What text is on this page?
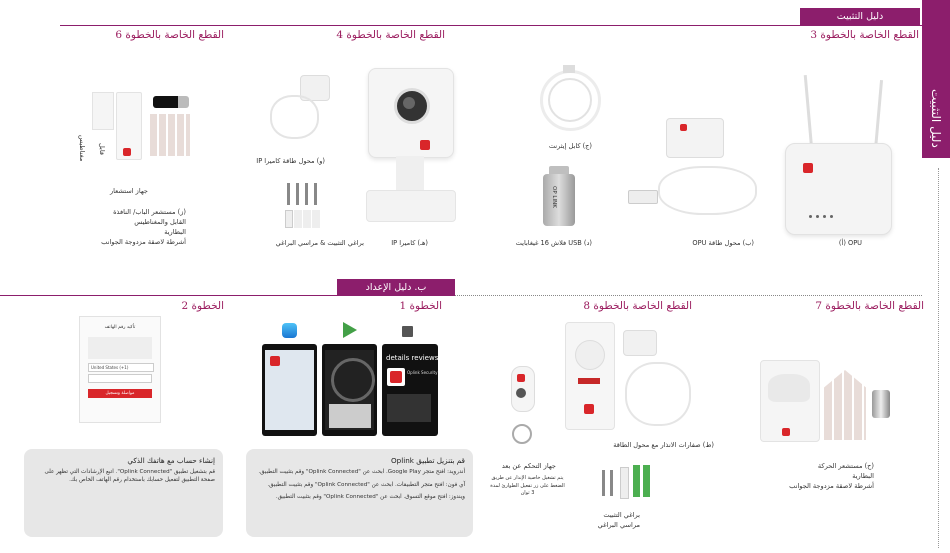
دليل التثبيت
دليل التثبيت
القطع الخاصة بالخطوة 3
القطع الخاصة بالخطوة 4
القطع الخاصة بالخطوة 6
OPU (أ)
(ب) محول طاقة OPU
(ج) كابل إيثرنت
OP LINK
(د) USB فلاش 16 غيغابايت
(هـ) كاميرا IP
(و) محول طاقة كاميرا IP
براغي التثبيت & مراسي البراغي
مغناطيس قابل
جهاز استشعار
(ز) مستشعر الباب/ النافذة
القابل والمغناطيس
البطارية
أشرطة لاصقة مزدوجة الجوانب
ب. دليل الإعداد
القطع الخاصة بالخطوة 7
القطع الخاصة بالخطوة 8
الخطوة 1
الخطوة 2
(ح) مستشعر الحركة
البطارية
أشرطة لاصقة مزدوجة الجوانب
(ط) صفارات الانذار مع محول الطاقة
جهاز التحكم عن بعد
يتم تشغيل خاصية الإنذار عن طريق الضغط على زر تفعيل الطوارئ لمدة 3 ثوان
براغي التثبيت
مراسي البراغي
details reviews
Oplink Security
قم بتنزيل تطبيق Oplink

أندرويد: افتح متجر Google Play. ابحث عن "Oplink Connected" وقم بتثبيت التطبيق.

آي فون: افتح متجر التطبيقات. ابحث عن "Oplink Connected" وقم بتثبيت التطبيق.

ويندوز: افتح موقع التسوق. ابحث عن "Oplink Connected" وقم بتثبيت التطبيق.

تأكيد رقم الهاتف
United States (+1)
مواصلة وتسجيل
إنشاء حساب مع هاتفك الذكي

قم بتشغيل تطبيق "Oplink Connected". اتبع الإرشادات التي تظهر على صفحة التطبيق لتفعيل حسابك باستخدام رقم الهاتف الخاص بك.
